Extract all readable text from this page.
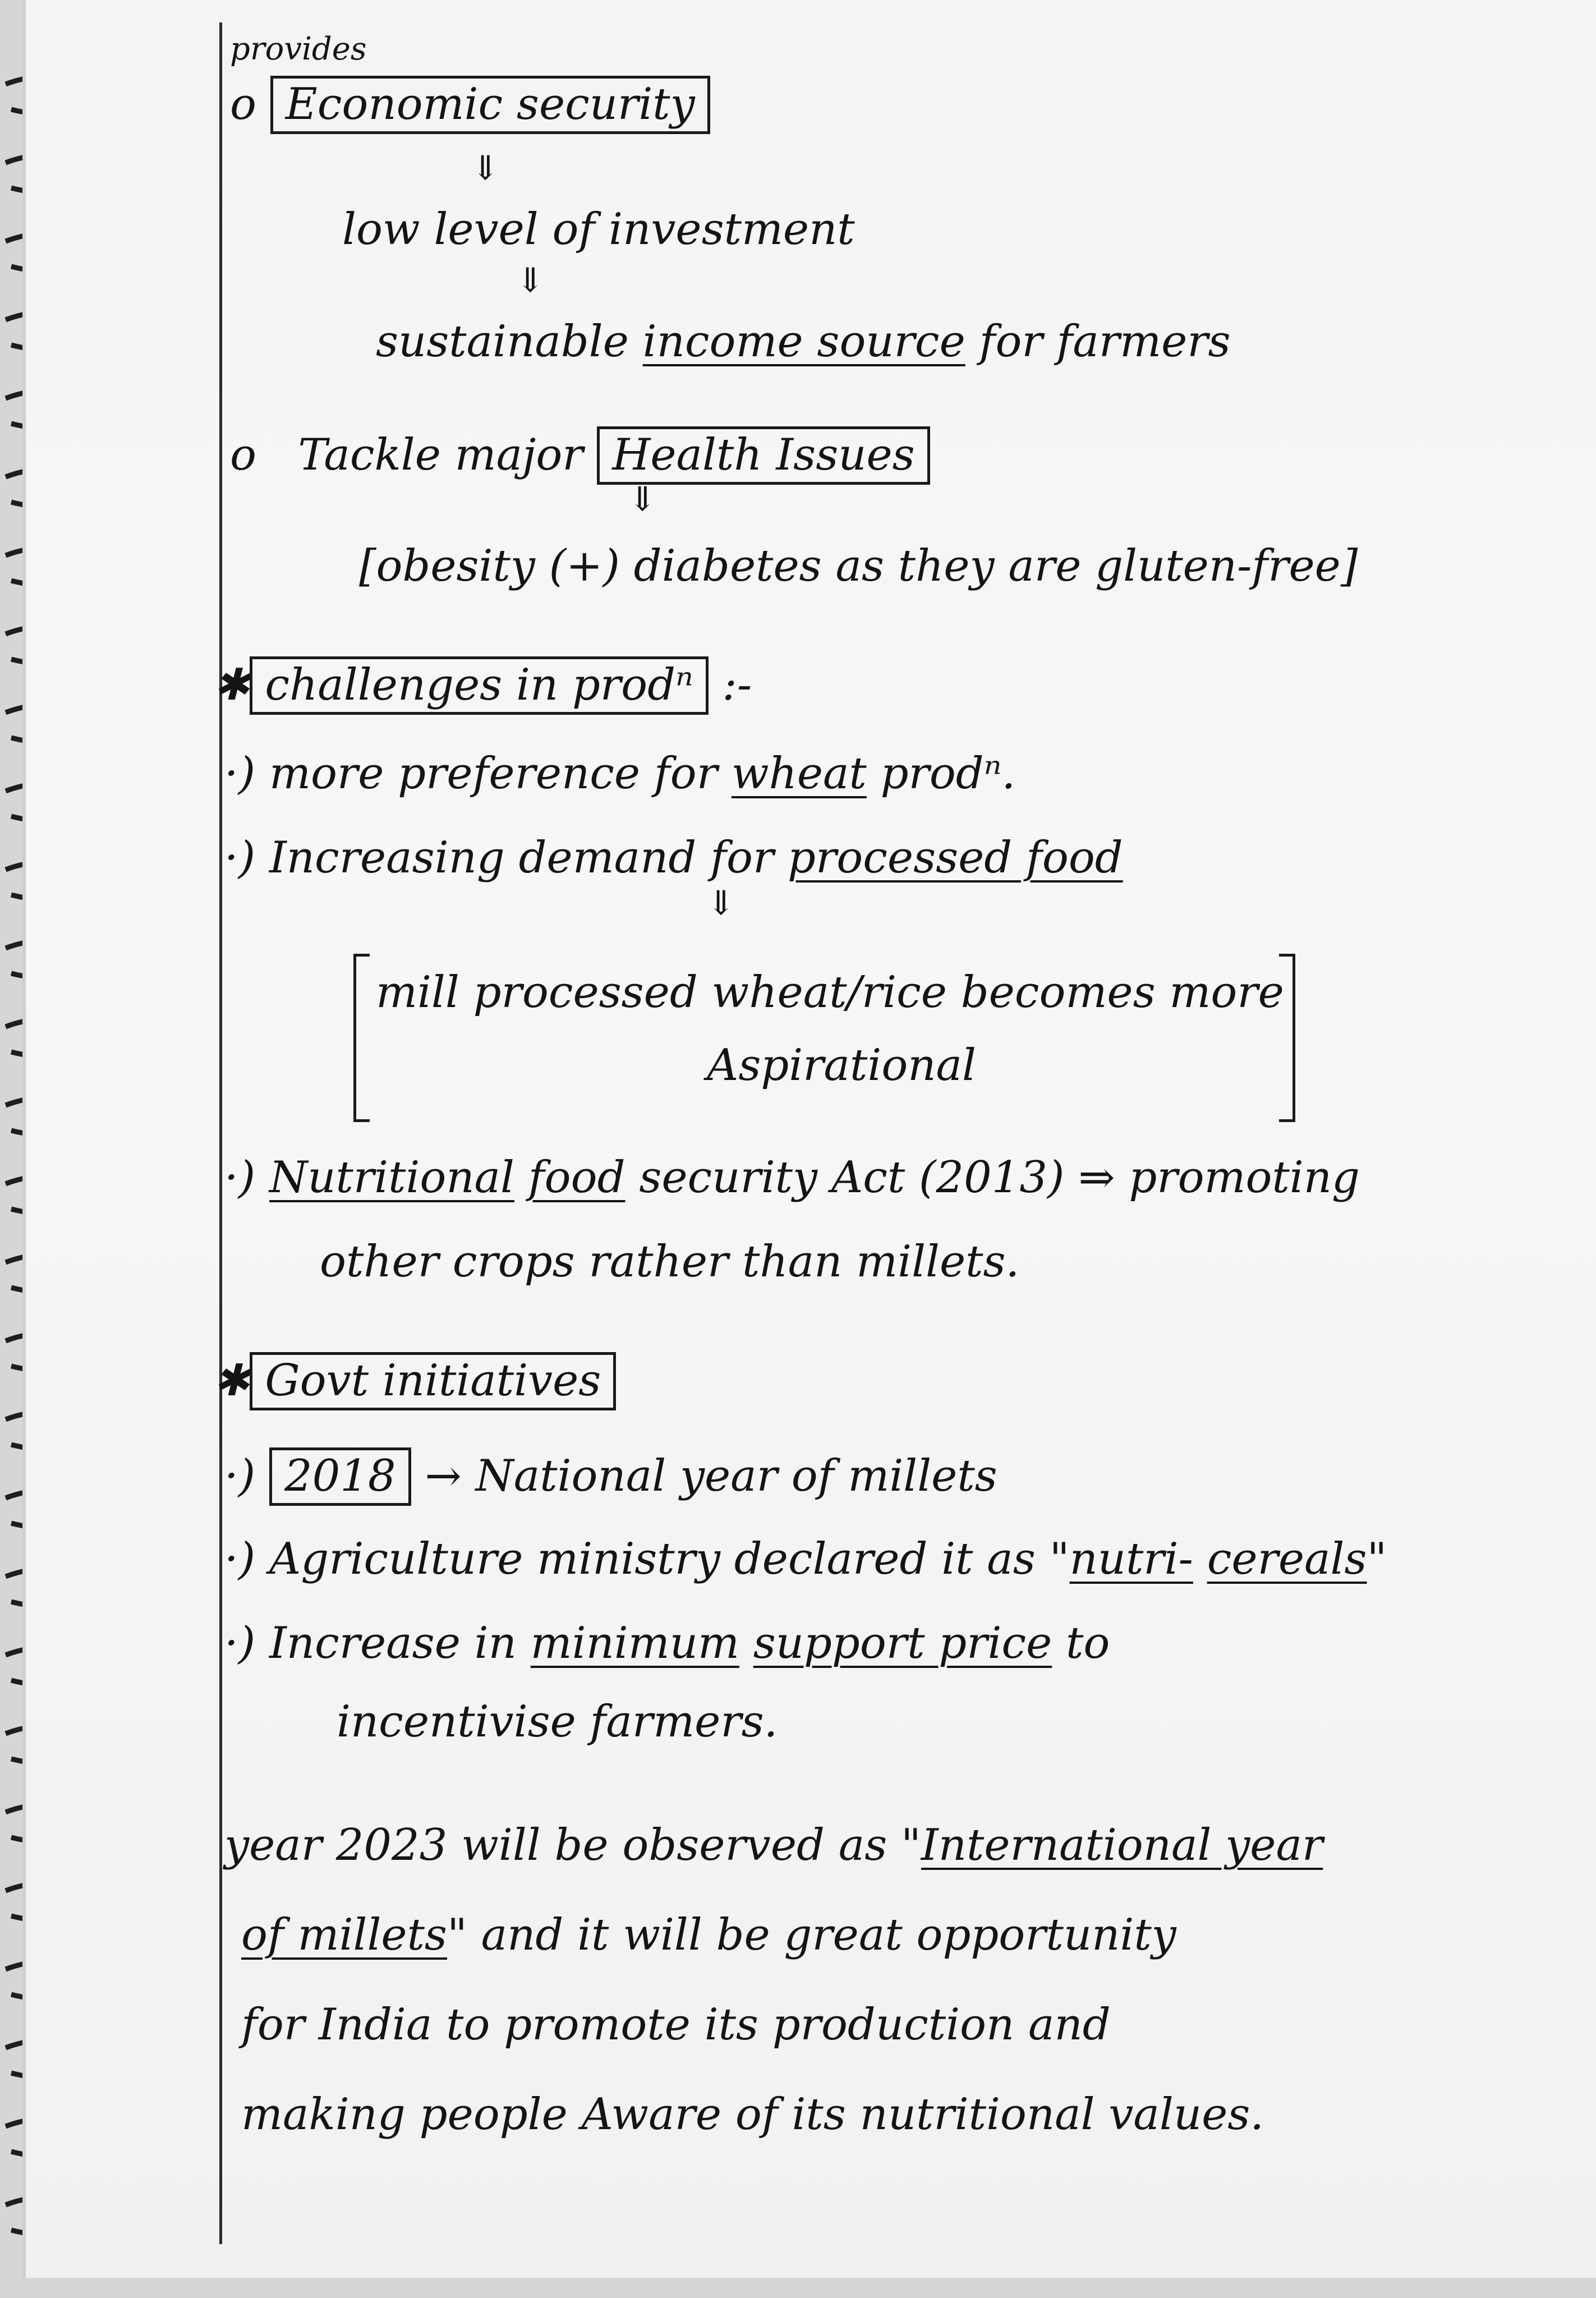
provides
o Economic security
⇓
low level of investment
⇓
sustainable income source for farmers
o   Tackle major Health Issues
⇓
[obesity (+) diabetes as they are gluten-free]
✱ challenges in prodⁿ :-
·) more preference for wheat prodⁿ.
·) Increasing demand for processed food
⇓
mill processed wheat/rice becomes more
Aspirational
·) Nutritional food security Act (2013) ⇒ promoting
other crops rather than millets.
✱ Govt initiatives
·) 2018 → National year of millets
·) Agriculture ministry declared it as "nutri- cereals"
·) Increase in minimum support price to
incentivise farmers.
year 2023 will be observed as "International year
of millets" and it will be great opportunity
for India to promote its production and
making people Aware of its nutritional values.
